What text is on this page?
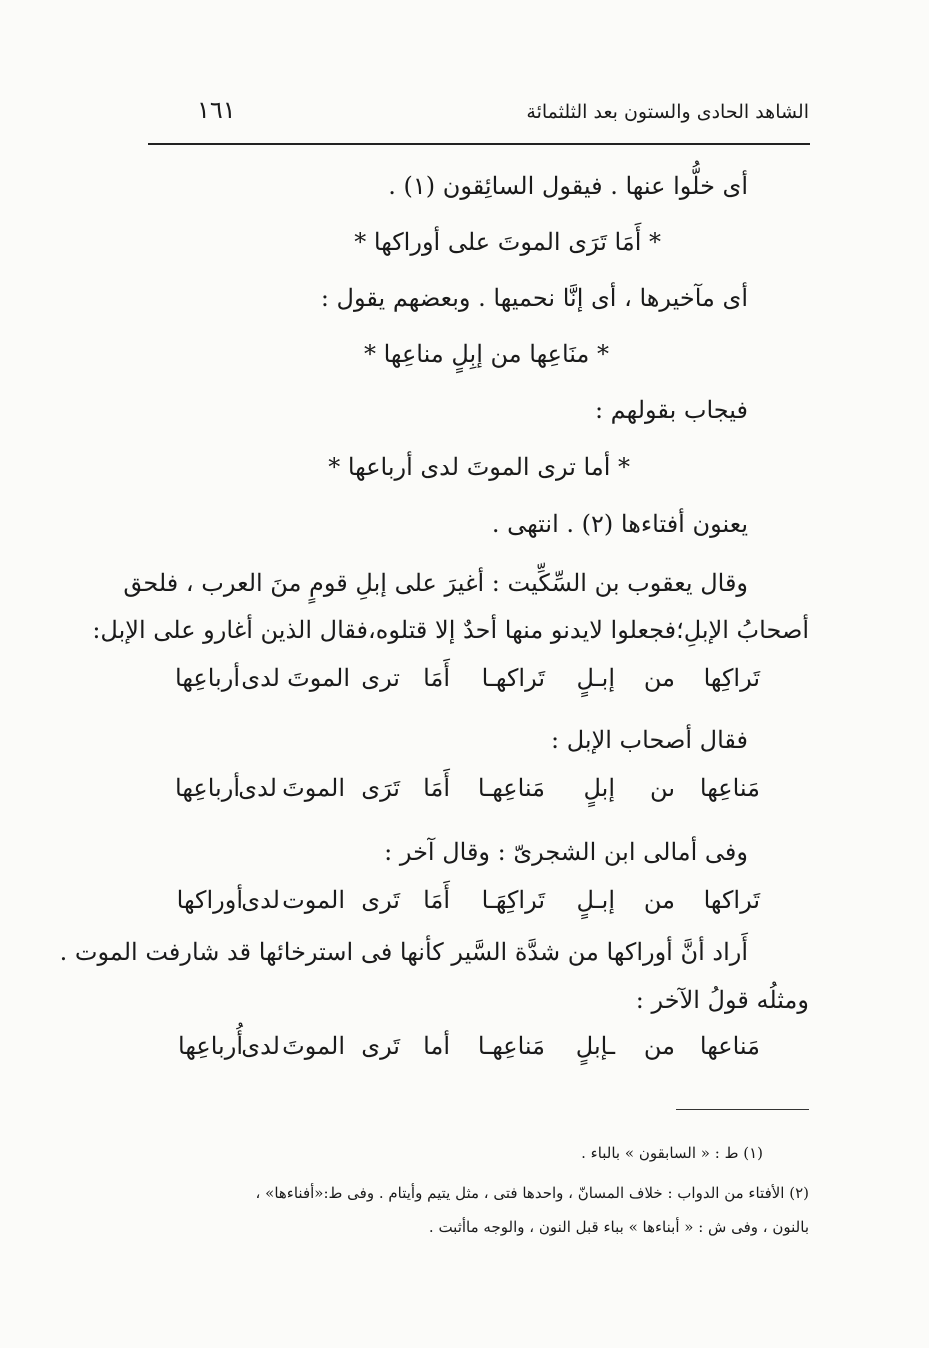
الشاهد الحادى والستون بعد الثلثمائة
١٦١
أى خلُّوا عنها . فيقول السائِقون (١) .
* أَمَا تَرَى الموتَ على أوراكها *
أى مآخيرها ، أى إنَّا نحميها . وبعضهم يقول :
* منَاعِها من إبِلٍ مناعِها *
فيجاب بقولهم :
* أما ترى الموتَ لدى أرباعها *
يعنون أفتاءها (٢) . انتهى .
وقال يعقوب بن السِّكِّيت : أغيرَ على إبلِ قومٍ منَ العرب ، فلحق
أصحابُ الإبلِ؛فجعلوا لايدنو منها أحدٌ إلا قتلوه،فقال الذين أغارو على الإبل:
تَراكِها
من
إبـلٍ
تَراكهـا
أَمَا
ترى
الموتَ
لدى
أرباعِها
فقال أصحاب الإبل :
مَناعِها
ىن
إبلٍ
مَناعِهـا
أَمَا
تَرَى
الموتَ
لدى
أرباعِها
وفى أمالى ابن الشجرىّ : وقال آخر :
تَراكها
من
إبـلٍ
تَراكِهَـا
أَمَا
تَرى
الموت
لدى
أوراكها
أَراد أنَّ أوراكها من شدَّة السَّير كأنها فى استرخائها قد شارفت الموت .
ومثلُه قولُ الآخر :
مَناعها
من
ـإبلٍ
مَناعِهـا
أما
تَرى
الموتَ
لدى
أُرباعِها
(١) ط : « السابقون » بالباء .
(٢) الأفتاء من الدواب : خلاف المسانّ ، واحدها فتى ، مثل يتيم وأيتام . وفى ط:«أفناءها» ،
بالنون ، وفى ش : « أبناءها » بباء قبل النون ، والوجه ماأثبت .
